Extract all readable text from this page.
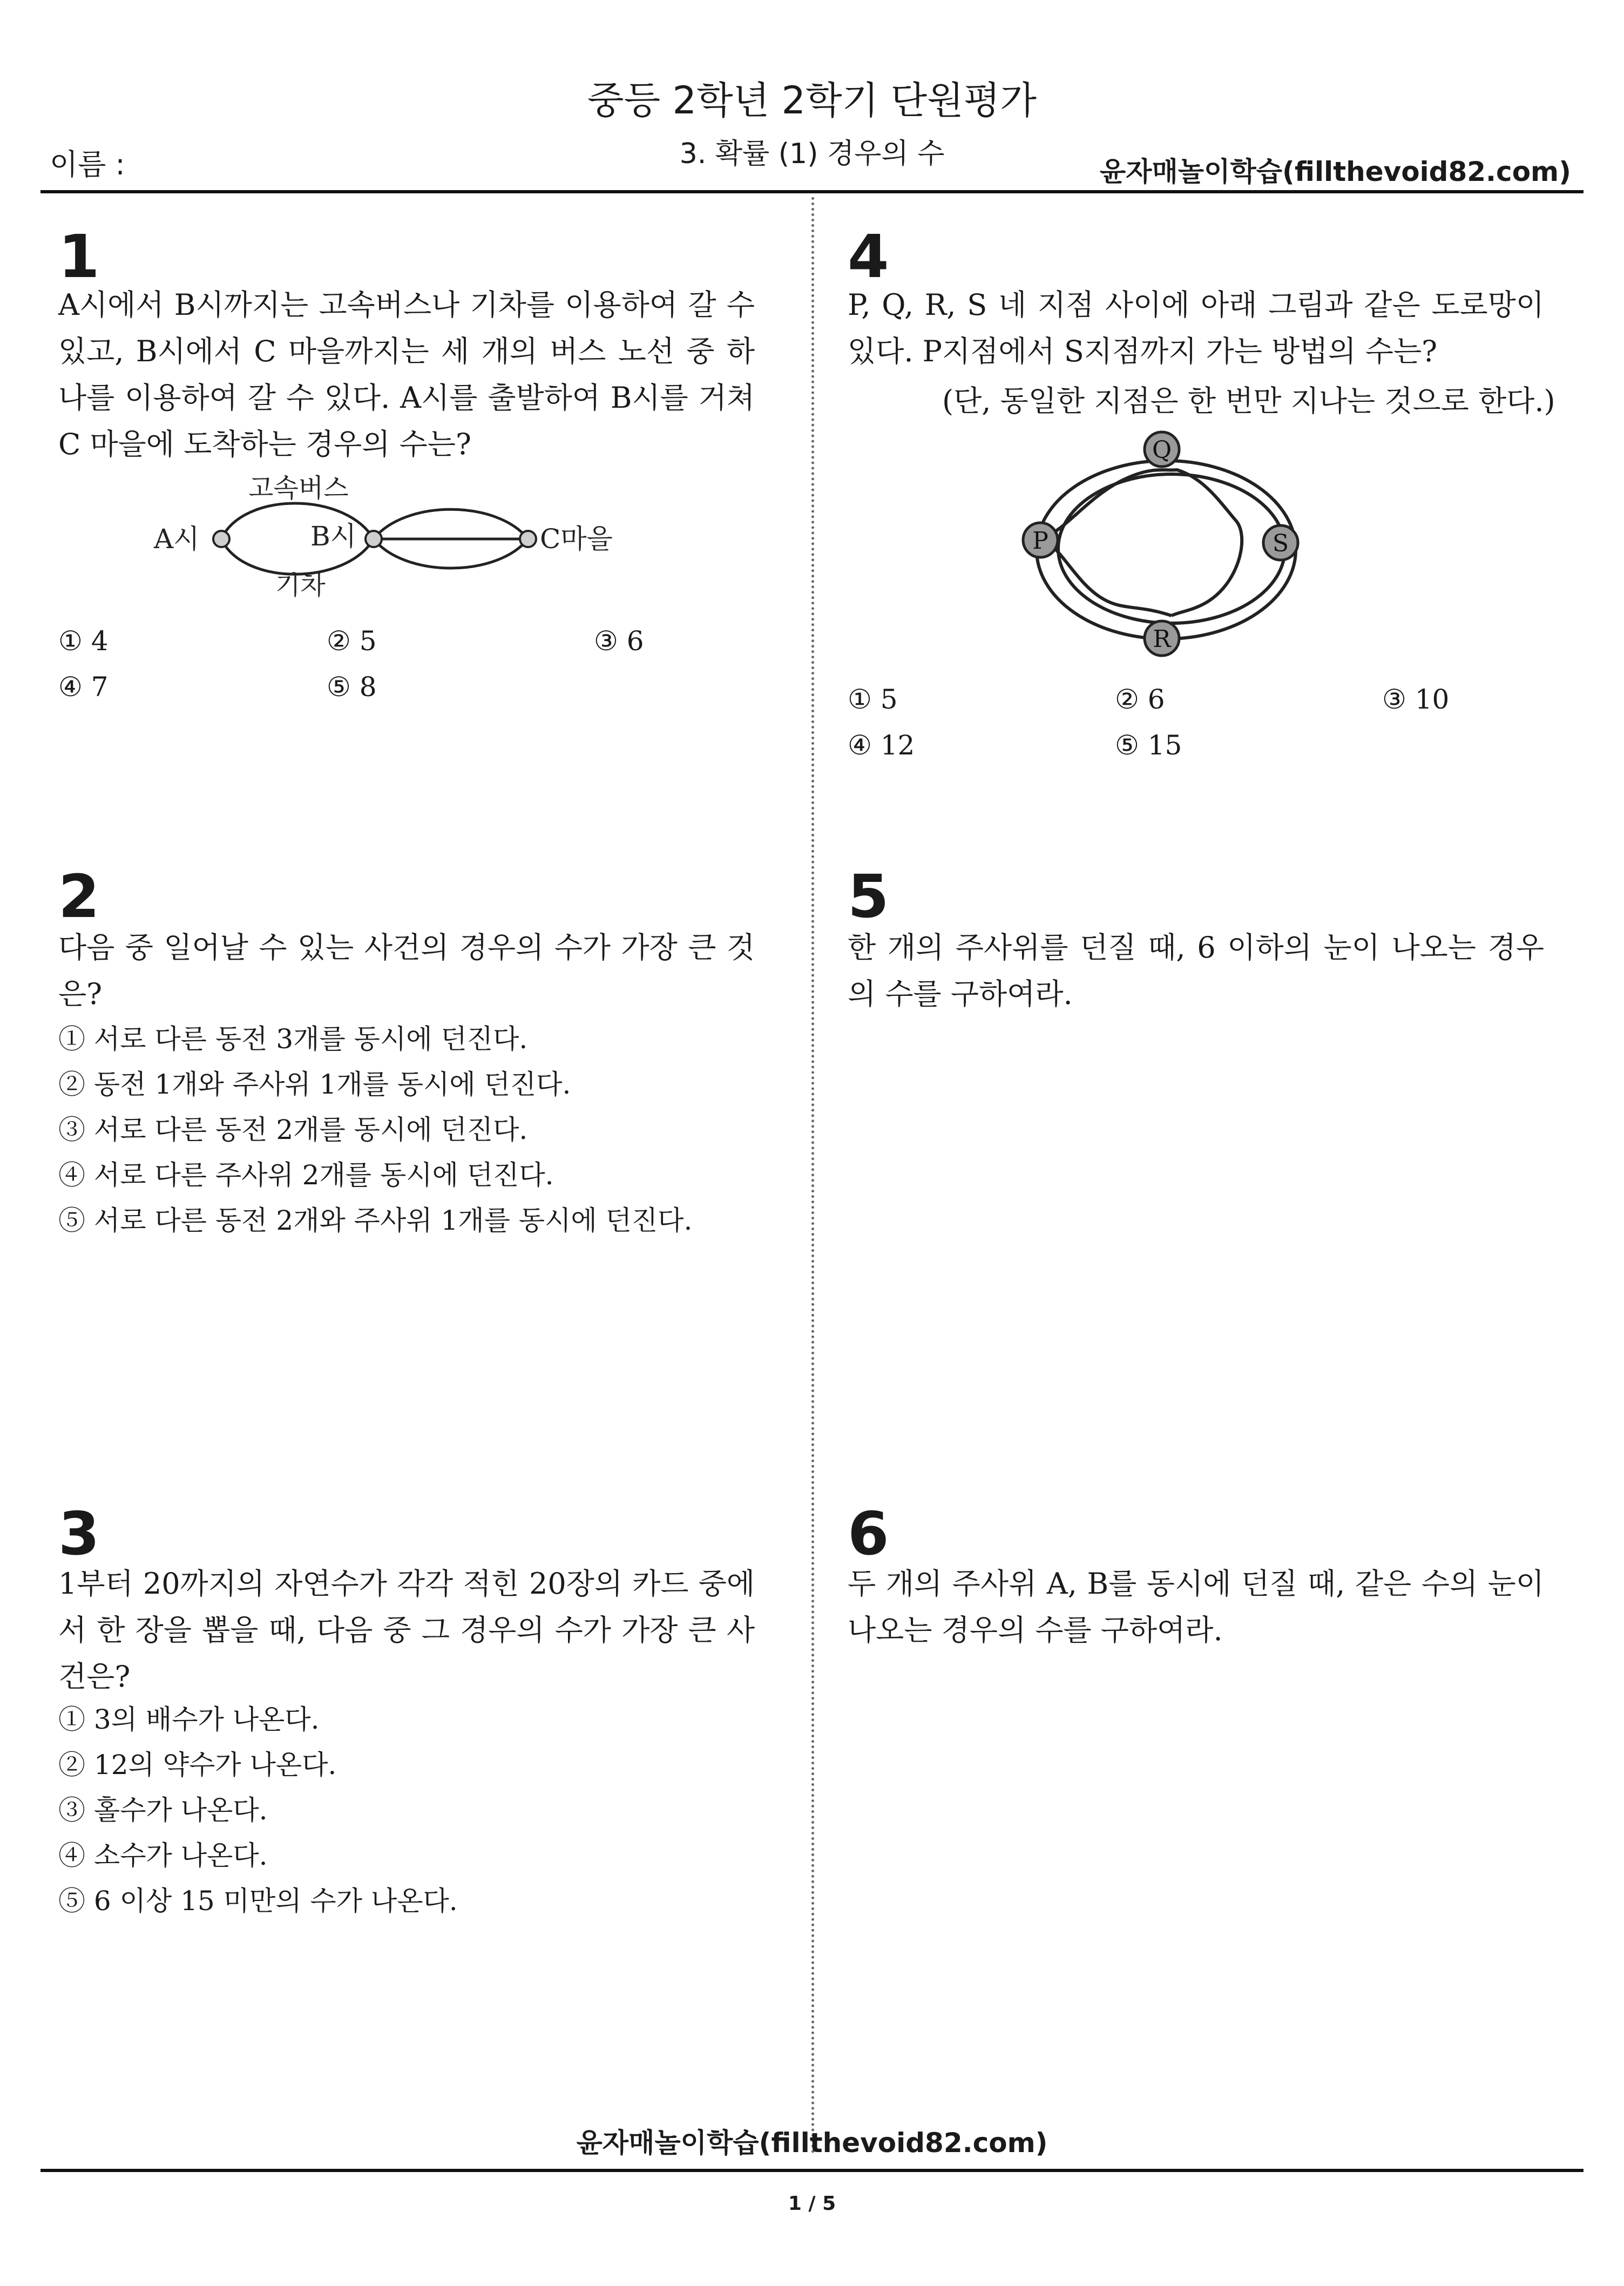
중등 2학년 2학기 단원평가
3. 확률 (1) 경우의 수
이름 :	윤자매놀이학습(fillthevoid82.com)
1
A시에서 B시까지는 고속버스나 기차를 이용하여 갈 수 있고, B시에서 C 마을까지는 세 개의 버스 노선 중 하나를 이용하여 갈 수 있다. A시를 출발하여 B시를 거쳐 C 마을에 도착하는 경우의 수는?
고속버스
기차
A시	B시	C마을
① 4	② 5	③ 6
④ 7	⑤ 8
2
다음 중 일어날 수 있는 사건의 경우의 수가 가장 큰 것은?
① 서로 다른 동전 3개를 동시에 던진다.
② 동전 1개와 주사위 1개를 동시에 던진다.
③ 서로 다른 동전 2개를 동시에 던진다.
④ 서로 다른 주사위 2개를 동시에 던진다.
⑤ 서로 다른 동전 2개와 주사위 1개를 동시에 던진다.
3
1부터 20까지의 자연수가 각각 적힌 20장의 카드 중에서 한 장을 뽑을 때, 다음 중 그 경우의 수가 가장 큰 사건은?
① 3의 배수가 나온다.
② 12의 약수가 나온다.
③ 홀수가 나온다.
④ 소수가 나온다.
⑤ 6 이상 15 미만의 수가 나온다.
4
P, Q, R, S 네 지점 사이에 아래 그림과 같은 도로망이 있다. P지점에서 S지점까지 가는 방법의 수는?
(단, 동일한 지점은 한 번만 지나는 것으로 한다.)
Q
P	S
R
① 5	② 6	③ 10
④ 12	⑤ 15
5
한 개의 주사위를 던질 때, 6 이하의 눈이 나오는 경우의 수를 구하여라.
6
두 개의 주사위 A, B를 동시에 던질 때, 같은 수의 눈이 나오는 경우의 수를 구하여라.
윤자매놀이학습(fillthevoid82.com)
1 / 5
